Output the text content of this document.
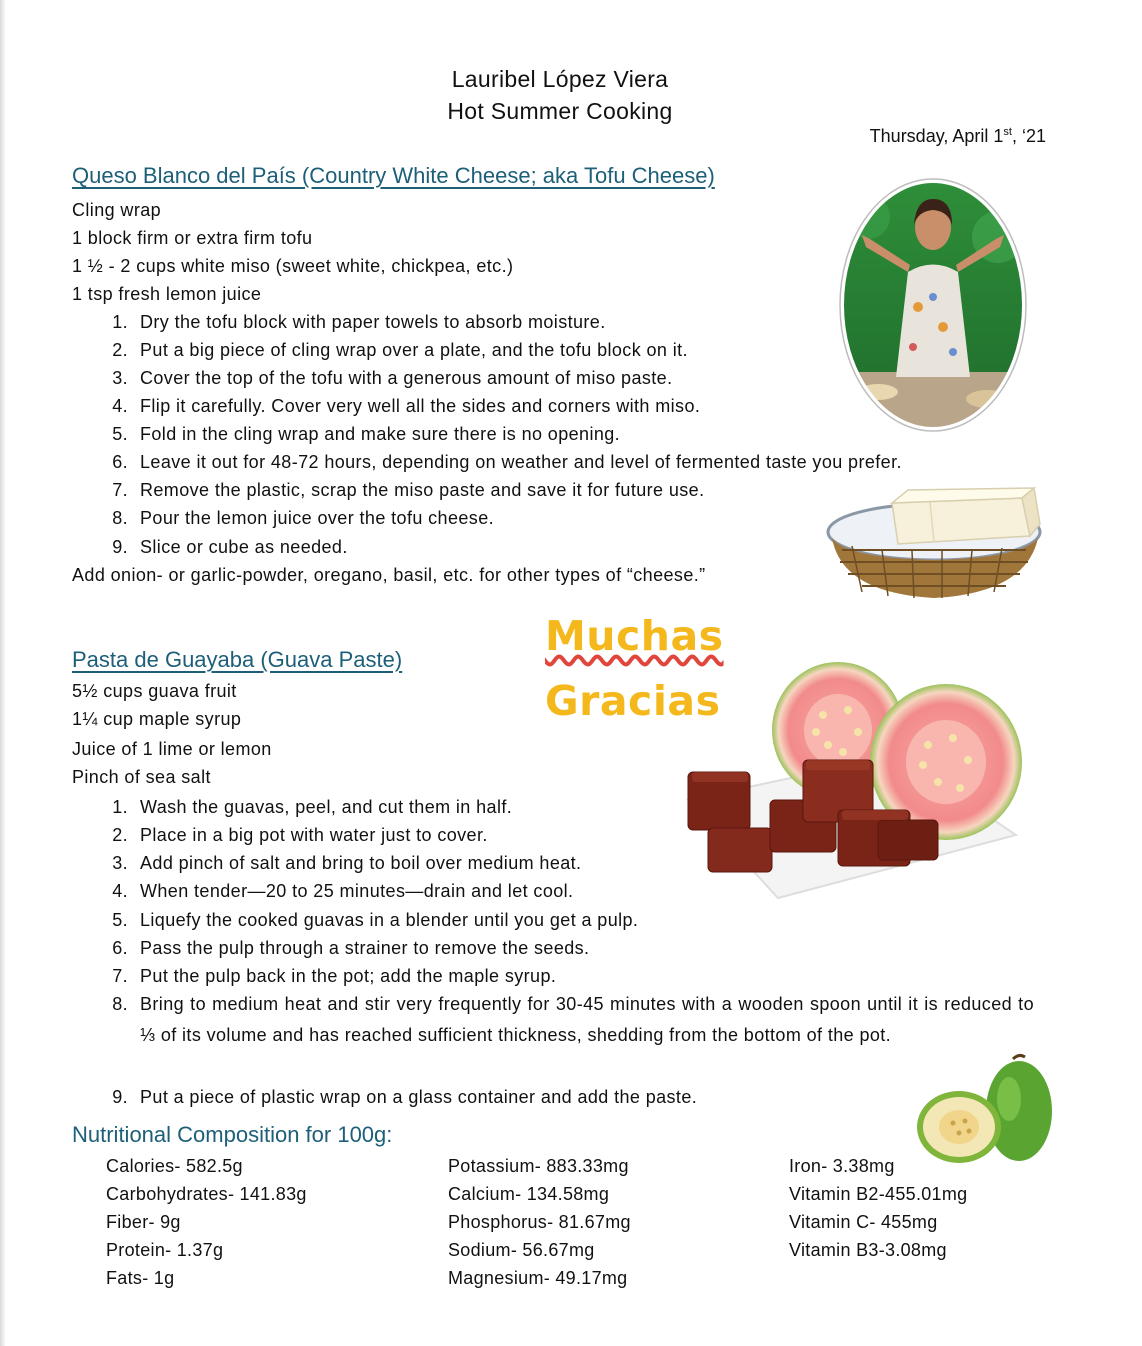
Lauribel López Viera
Hot Summer Cooking
Thursday, April 1st, ‘21
Queso Blanco del País (Country White Cheese; aka Tofu Cheese)
Cling wrap
1 block firm or extra firm tofu
1 ½ - 2 cups white miso (sweet white, chickpea, etc.)
1 tsp fresh lemon juice
1. Dry the tofu block with paper towels to absorb moisture.
2. Put a big piece of cling wrap over a plate, and the tofu block on it.
3. Cover the top of the tofu with a generous amount of miso paste.
4. Flip it carefully. Cover very well all the sides and corners with miso.
5. Fold in the cling wrap and make sure there is no opening.
6. Leave it out for 48-72 hours, depending on weather and level of fermented taste you prefer.
7. Remove the plastic, scrap the miso paste and save it for future use.
8. Pour the lemon juice over the tofu cheese.
9. Slice or cube as needed.
Add onion- or garlic-powder, oregano, basil, etc. for other types of “cheese.”
Muchas
Gracias
Pasta de Guayaba (Guava Paste)
5½ cups guava fruit
1¼ cup maple syrup
Juice of 1 lime or lemon
Pinch of sea salt
1. Wash the guavas, peel, and cut them in half.
2. Place in a big pot with water just to cover.
3. Add pinch of salt and bring to boil over medium heat.
4. When tender—20 to 25 minutes—drain and let cool.
5. Liquefy the cooked guavas in a blender until you get a pulp.
6. Pass the pulp through a strainer to remove the seeds.
7. Put the pulp back in the pot; add the maple syrup.
8. Bring to medium heat and stir very frequently for 30-45 minutes with a wooden spoon until it is reduced to ⅓ of its volume and has reached sufficient thickness, shedding from the bottom of the pot.
9. Put a piece of plastic wrap on a glass container and add the paste.
Nutritional Composition for 100g:
Calories- 582.5g
Carbohydrates- 141.83g
Fiber- 9g
Protein- 1.37g
Fats- 1g
Potassium- 883.33mg
Calcium- 134.58mg
Phosphorus- 81.67mg
Sodium- 56.67mg
Magnesium- 49.17mg
Iron- 3.38mg
Vitamin B2-455.01mg
Vitamin C- 455mg
Vitamin B3-3.08mg
